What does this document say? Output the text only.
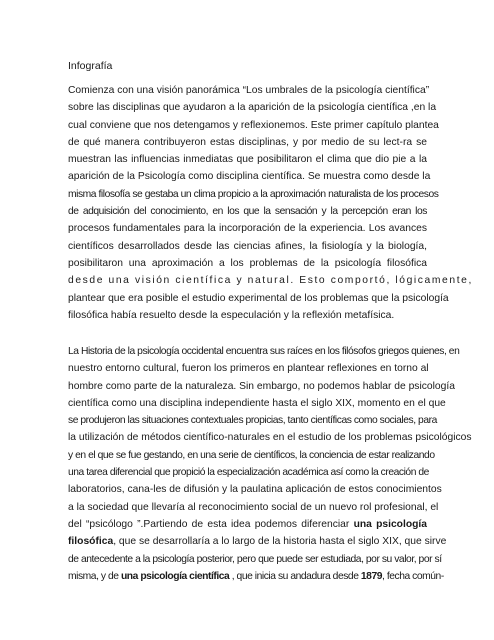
Infografía

Comienza con una visión panorámica “Los umbrales de la psicología científica”
sobre las disciplinas que ayudaron a la aparición de la psicología científica ,en la
cual conviene que nos detengamos y reflexionemos. Este primer capítulo plantea
de qué manera contribuyeron estas disciplinas, y por medio de su lect-ra se
muestran las influencias inmediatas que posibilitaron el clima que dio pie a la
aparición de la Psicología como disciplina científica. Se muestra como desde la
misma filosofía se gestaba un clima propicio a la aproximación naturalista de los procesos
de adquisición del conocimiento, en los que la sensación y la percepción eran los
procesos fundamentales para la incorporación de la experiencia. Los avances
científicos desarrollados desde las ciencias afines, la fisiología y la biología,
posibilitaron una aproximación a los problemas de la psicología filosófica
desde una visión científica y natural. Esto comportó, lógicamente,
plantear que era posible el estudio experimental de los problemas que la psicología
filosófica había resuelto desde la especulación y la reflexión metafísica.
La Historia de la psicología occidental encuentra sus raíces en los filósofos griegos quienes, en
nuestro entorno cultural, fueron los primeros en plantear reflexiones en torno al
hombre como parte de la naturaleza. Sin embargo, no podemos hablar de psicología
científica como una disciplina independiente hasta el siglo XIX, momento en el que
se produjeron las situaciones contextuales propicias, tanto científicas como sociales, para
la utilización de métodos científico-naturales en el estudio de los problemas psicológicos
y en el que se fue gestando, en una serie de científicos, la conciencia de estar realizando
una tarea diferencial que propició la especialización académica así como la creación de
laboratorios, cana-les de difusión y la paulatina aplicación de estos conocimientos
a la sociedad que llevaría al reconocimiento social de un nuevo rol profesional, el
del “psicólogo ”.Partiendo de esta idea podemos diferenciar una psicología
filosófica, que se desarrollaría a lo largo de la historia hasta el siglo XIX, que sirve
de antecedente a la psicología posterior, pero que puede ser estudiada, por su valor, por sí
misma, y de una psicología científica , que inicia su andadura desde 1879, fecha común-
